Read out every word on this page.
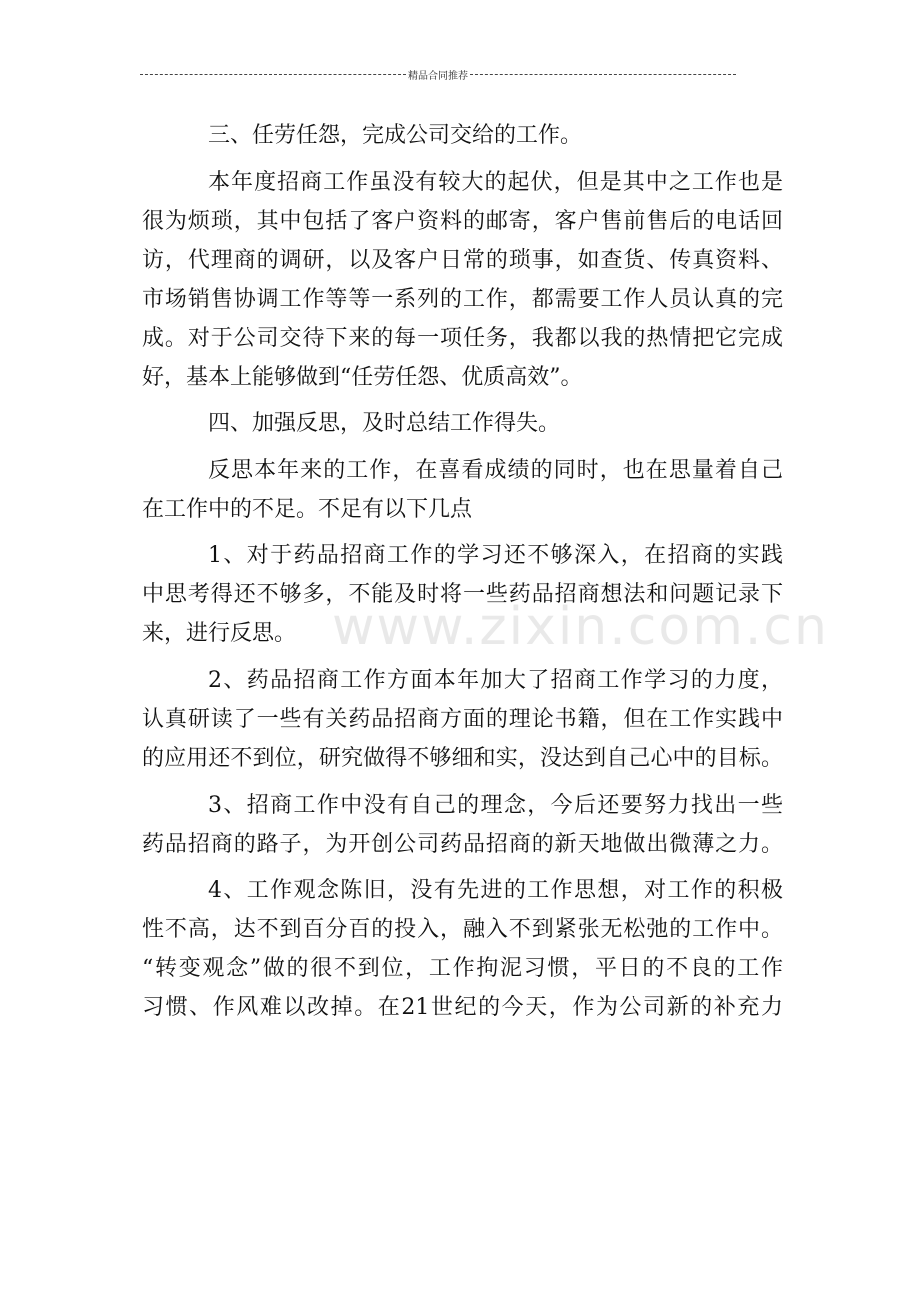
精品合同推荐
www.zixin.com.cn
三、任劳任怨，完成公司交给的工作。
本年度招商工作虽没有较大的起伏，但是其中之工作也是
很为烦琐，其中包括了客户资料的邮寄，客户售前售后的电话回
访，代理商的调研，以及客户日常的琐事，如查货、传真资料、
市场销售协调工作等等一系列的工作，都需要工作人员认真的完
成。对于公司交待下来的每一项任务，我都以我的热情把它完成
好，基本上能够做到“任劳任怨、优质高效”。
四、加强反思，及时总结工作得失。
反思本年来的工作，在喜看成绩的同时，也在思量着自己
在工作中的不足。不足有以下几点
1、对于药品招商工作的学习还不够深入，在招商的实践
中思考得还不够多，不能及时将一些药品招商想法和问题记录下
来，进行反思。
2、药品招商工作方面本年加大了招商工作学习的力度，
认真研读了一些有关药品招商方面的理论书籍，但在工作实践中
的应用还不到位，研究做得不够细和实，没达到自己心中的目标。
3、招商工作中没有自己的理念，今后还要努力找出一些
药品招商的路子，为开创公司药品招商的新天地做出微薄之力。
4、工作观念陈旧，没有先进的工作思想，对工作的积极
性不高，达不到百分百的投入，融入不到紧张无松弛的工作中。
“转变观念”做的很不到位，工作拘泥习惯，平日的不良的工作
习惯、作风难以改掉。在21世纪的今天，作为公司新的补充力
